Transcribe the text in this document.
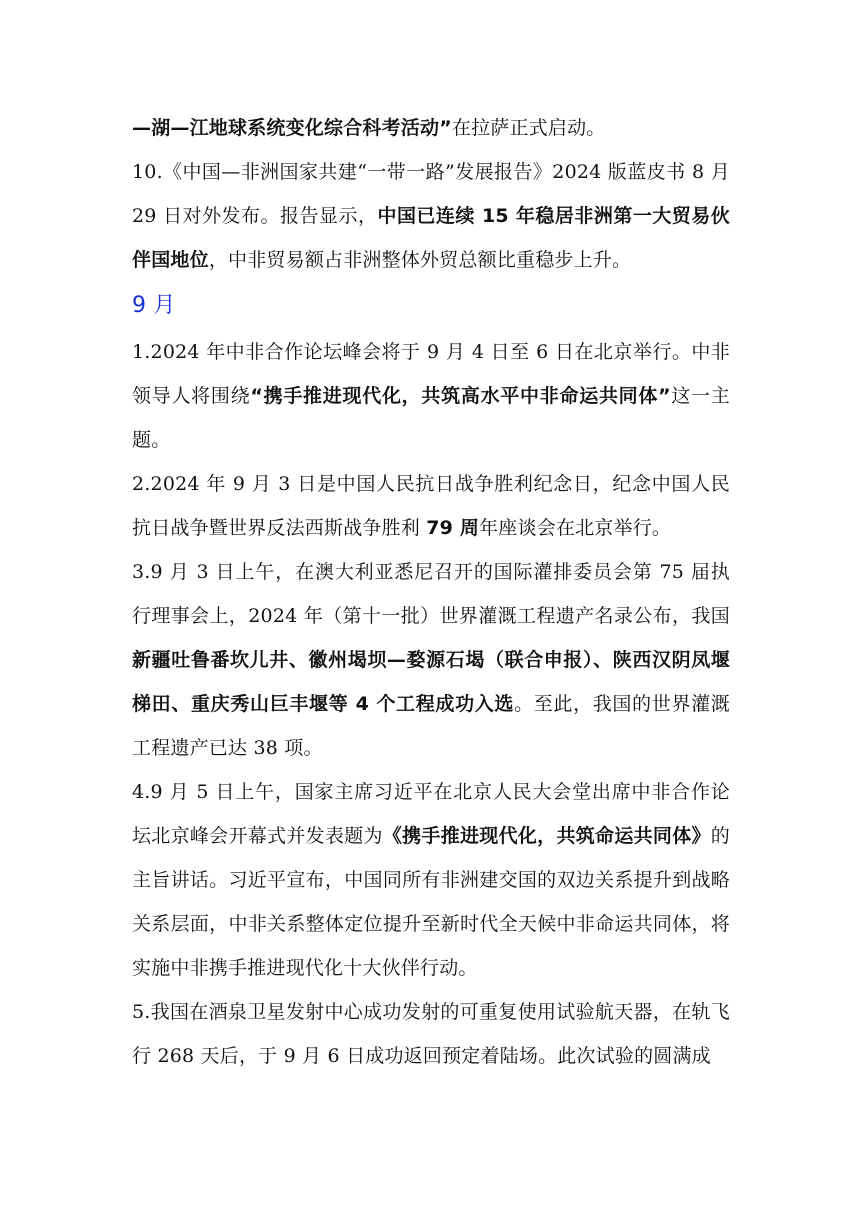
—湖—江地球系统变化综合科考活动”在拉萨正式启动。

10.《中国—非洲国家共建“一带一路”发展报告》2024 版蓝皮书 8 月 29 日对外发布。报告显示，中国已连续 15 年稳居非洲第一大贸易伙伴国地位，中非贸易额占非洲整体外贸总额比重稳步上升。

9 月

1.2024 年中非合作论坛峰会将于 9 月 4 日至 6 日在北京举行。中非领导人将围绕“携手推进现代化，共筑高水平中非命运共同体”这一主题。

2.2024 年 9 月 3 日是中国人民抗日战争胜利纪念日，纪念中国人民抗日战争暨世界反法西斯战争胜利 79 周年座谈会在北京举行。

3.9 月 3 日上午，在澳大利亚悉尼召开的国际灌排委员会第 75 届执行理事会上，2024 年（第十一批）世界灌溉工程遗产名录公布，我国新疆吐鲁番坎儿井、徽州堨坝—婺源石堨（联合申报）、陕西汉阴凤堰梯田、重庆秀山巨丰堰等 4 个工程成功入选。至此，我国的世界灌溉工程遗产已达 38 项。

4.9 月 5 日上午，国家主席习近平在北京人民大会堂出席中非合作论坛北京峰会开幕式并发表题为《携手推进现代化，共筑命运共同体》的主旨讲话。习近平宣布，中国同所有非洲建交国的双边关系提升到战略关系层面，中非关系整体定位提升至新时代全天候中非命运共同体，将实施中非携手推进现代化十大伙伴行动。

5.我国在酒泉卫星发射中心成功发射的可重复使用试验航天器，在轨飞行 268 天后，于 9 月 6 日成功返回预定着陆场。此次试验的圆满成
